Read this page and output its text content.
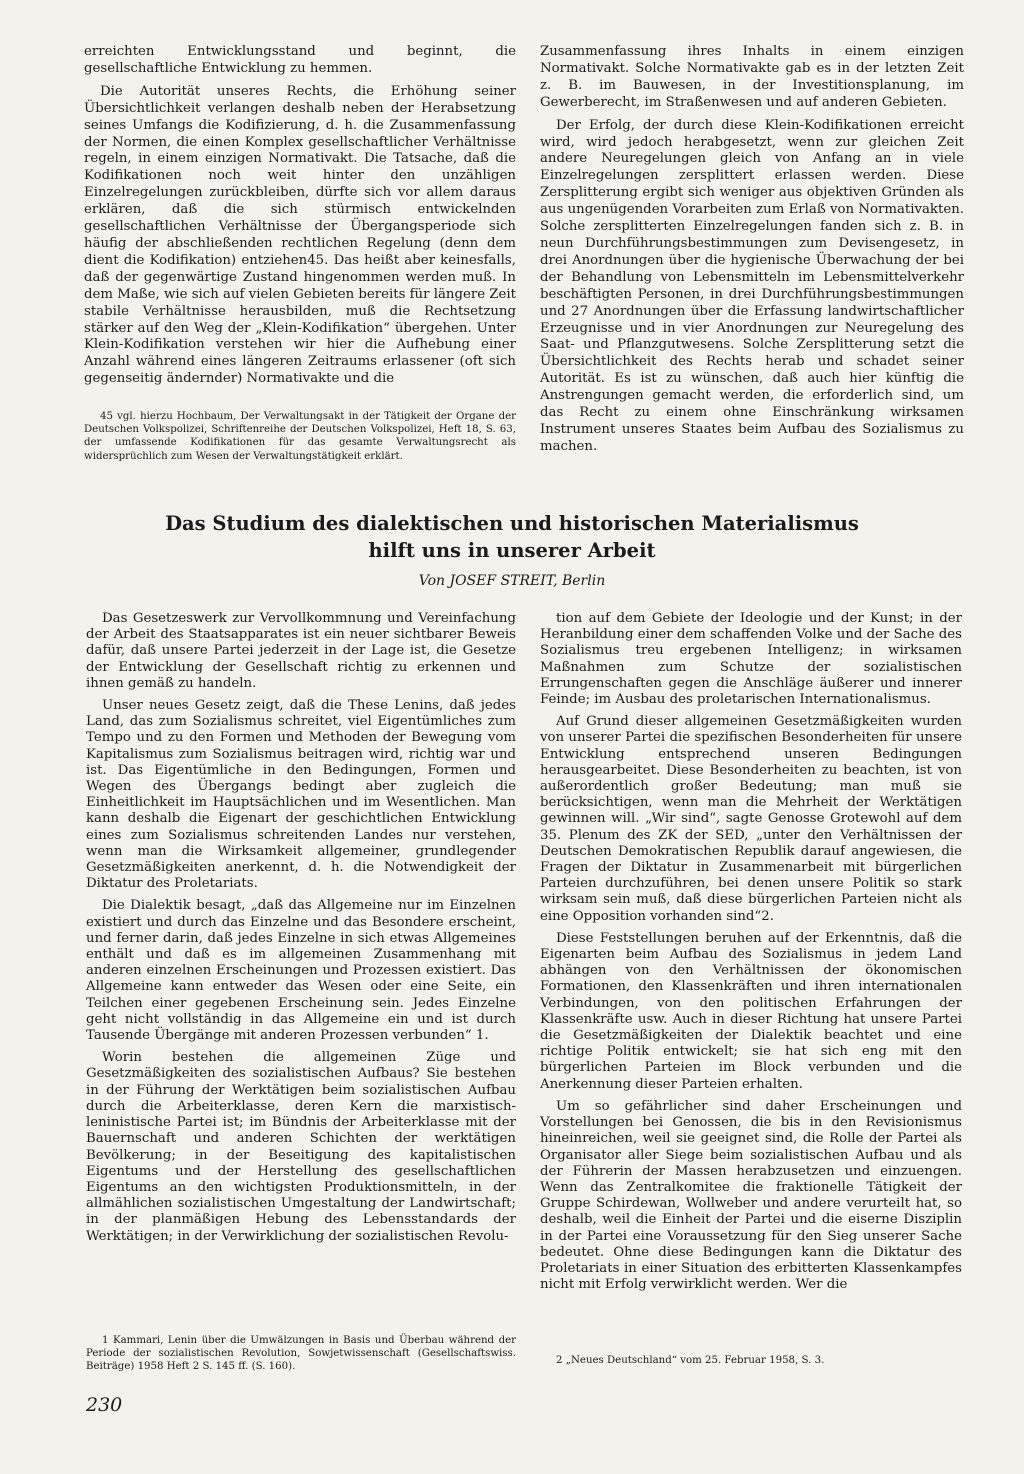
erreichten Entwicklungsstand und beginnt, die gesellschaftliche Entwicklung zu hemmen.

Die Autorität unseres Rechts, die Erhöhung seiner Übersichtlichkeit verlangen deshalb neben der Herabsetzung seines Umfangs die Kodifizierung, d. h. die Zusammenfassung der Normen, die einen Komplex gesellschaftlicher Verhältnisse regeln, in einem einzigen Normativakt. Die Tatsache, daß die Kodifikationen noch weit hinter den unzähligen Einzelregelungen zurückbleiben, dürfte sich vor allem daraus erklären, daß die sich stürmisch entwickelnden gesellschaftlichen Verhältnisse der Übergangsperiode sich häufig der abschließenden rechtlichen Regelung (denn dem dient die Kodifikation) entziehen45. Das heißt aber keinesfalls, daß der gegenwärtige Zustand hingenommen werden muß. In dem Maße, wie sich auf vielen Gebieten bereits für längere Zeit stabile Verhältnisse herausbilden, muß die Rechtsetzung stärker auf den Weg der „Klein-Kodifikation“ übergehen. Unter Klein-Kodifikation verstehen wir hier die Aufhebung einer Anzahl während eines längeren Zeitraums erlassener (oft sich gegenseitig ändernder) Normativakte und die

Zusammenfassung ihres Inhalts in einem einzigen Normativakt. Solche Normativakte gab es in der letzten Zeit z. B. im Bauwesen, in der Investitionsplanung, im Gewerberecht, im Straßenwesen und auf anderen Gebieten.

Der Erfolg, der durch diese Klein-Kodifikationen erreicht wird, wird jedoch herabgesetzt, wenn zur gleichen Zeit andere Neuregelungen gleich von Anfang an in viele Einzelregelungen zersplittert erlassen werden. Diese Zersplitterung ergibt sich weniger aus objektiven Gründen als aus ungenügenden Vorarbeiten zum Erlaß von Normativakten. Solche zersplitterten Einzelregelungen fanden sich z. B. in neun Durchführungsbestimmungen zum Devisengesetz, in drei Anordnungen über die hygienische Überwachung der bei der Behandlung von Lebensmitteln im Lebensmittelverkehr beschäftigten Personen, in drei Durchführungsbestimmungen und 27 Anordnungen über die Erfassung landwirtschaftlicher Erzeugnisse und in vier Anordnungen zur Neuregelung des Saat- und Pflanzgutwesens. Solche Zersplitterung setzt die Übersichtlichkeit des Rechts herab und schadet seiner Autorität. Es ist zu wünschen, daß auch hier künftig die Anstrengungen gemacht werden, die erforderlich sind, um das Recht zu einem ohne Einschränkung wirksamen Instrument unseres Staates beim Aufbau des Sozialismus zu machen.

45 vgl. hierzu Hochbaum, Der Verwaltungsakt in der Tätigkeit der Organe der Deutschen Volkspolizei, Schriftenreihe der Deutschen Volkspolizei, Heft 18, S. 63, der umfassende Kodifikationen für das gesamte Verwaltungsrecht als widersprüchlich zum Wesen der Verwaltungstätigkeit erklärt.

Das Studium des dialektischen und historischen Materialismus
hilft uns in unserer Arbeit
Von JOSEF STREIT, Berlin

Das Gesetzeswerk zur Vervollkommnung und Vereinfachung der Arbeit des Staatsapparates ist ein neuer sichtbarer Beweis dafür, daß unsere Partei jederzeit in der Lage ist, die Gesetze der Entwicklung der Gesellschaft richtig zu erkennen und ihnen gemäß zu handeln.

Unser neues Gesetz zeigt, daß die These Lenins, daß jedes Land, das zum Sozialismus schreitet, viel Eigentümliches zum Tempo und zu den Formen und Methoden der Bewegung vom Kapitalismus zum Sozialismus beitragen wird, richtig war und ist. Das Eigentümliche in den Bedingungen, Formen und Wegen des Übergangs bedingt aber zugleich die Einheitlichkeit im Hauptsächlichen und im Wesentlichen. Man kann deshalb die Eigenart der geschichtlichen Entwicklung eines zum Sozialismus schreitenden Landes nur verstehen, wenn man die Wirksamkeit allgemeiner, grundlegender Gesetzmäßigkeiten anerkennt, d. h. die Notwendigkeit der Diktatur des Proletariats.

Die Dialektik besagt, „daß das Allgemeine nur im Einzelnen existiert und durch das Einzelne und das Besondere erscheint, und ferner darin, daß jedes Einzelne in sich etwas Allgemeines enthält und daß es im allgemeinen Zusammenhang mit anderen einzelnen Erscheinungen und Prozessen existiert. Das Allgemeine kann entweder das Wesen oder eine Seite, ein Teilchen einer gegebenen Erscheinung sein. Jedes Einzelne geht nicht vollständig in das Allgemeine ein und ist durch Tausende Übergänge mit anderen Prozessen verbunden“ 1.

Worin bestehen die allgemeinen Züge und Gesetzmäßigkeiten des sozialistischen Aufbaus? Sie bestehen in der Führung der Werktätigen beim sozialistischen Aufbau durch die Arbeiterklasse, deren Kern die marxistisch-leninistische Partei ist; im Bündnis der Arbeiterklasse mit der Bauernschaft und anderen Schichten der werktätigen Bevölkerung; in der Beseitigung des kapitalistischen Eigentums und der Herstellung des gesellschaftlichen Eigentums an den wichtigsten Produktionsmitteln, in der allmählichen sozialistischen Umgestaltung der Landwirtschaft; in der planmäßigen Hebung des Lebensstandards der Werktätigen; in der Verwirklichung der sozialistischen Revolu-

tion auf dem Gebiete der Ideologie und der Kunst; in der Heranbildung einer dem schaffenden Volke und der Sache des Sozialismus treu ergebenen Intelligenz; in wirksamen Maßnahmen zum Schutze der sozialistischen Errungenschaften gegen die Anschläge äußerer und innerer Feinde; im Ausbau des proletarischen Internationalismus.

Auf Grund dieser allgemeinen Gesetzmäßigkeiten wurden von unserer Partei die spezifischen Besonderheiten für unsere Entwicklung entsprechend unseren Bedingungen herausgearbeitet. Diese Besonderheiten zu beachten, ist von außerordentlich großer Bedeutung; man muß sie berücksichtigen, wenn man die Mehrheit der Werktätigen gewinnen will. „Wir sind“, sagte Genosse Grotewohl auf dem 35. Plenum des ZK der SED, „unter den Verhältnissen der Deutschen Demokratischen Republik darauf angewiesen, die Fragen der Diktatur in Zusammenarbeit mit bürgerlichen Parteien durchzuführen, bei denen unsere Politik so stark wirksam sein muß, daß diese bürgerlichen Parteien nicht als eine Opposition vorhanden sind“2.

Diese Feststellungen beruhen auf der Erkenntnis, daß die Eigenarten beim Aufbau des Sozialismus in jedem Land abhängen von den Verhältnissen der ökonomischen Formationen, den Klassenkräften und ihren internationalen Verbindungen, von den politischen Erfahrungen der Klassenkräfte usw. Auch in dieser Richtung hat unsere Partei die Gesetzmäßigkeiten der Dialektik beachtet und eine richtige Politik entwickelt; sie hat sich eng mit den bürgerlichen Parteien im Block verbunden und die Anerkennung dieser Parteien erhalten.

Um so gefährlicher sind daher Erscheinungen und Vorstellungen bei Genossen, die bis in den Revisionismus hineinreichen, weil sie geeignet sind, die Rolle der Partei als Organisator aller Siege beim sozialistischen Aufbau und als der Führerin der Massen herabzusetzen und einzuengen. Wenn das Zentralkomitee die fraktionelle Tätigkeit der Gruppe Schirdewan, Wollweber und andere verurteilt hat, so deshalb, weil die Einheit der Partei und die eiserne Disziplin in der Partei eine Voraussetzung für den Sieg unserer Sache bedeutet. Ohne diese Bedingungen kann die Diktatur des Proletariats in einer Situation des erbitterten Klassenkampfes nicht mit Erfolg verwirklicht werden. Wer die

1 Kammari, Lenin über die Umwälzungen in Basis und Überbau während der Periode der sozialistischen Revolution, Sowjetwissenschaft (Gesellschaftswiss. Beiträge) 1958 Heft 2 S. 145 ff. (S. 160).

2 „Neues Deutschland“ vom 25. Februar 1958, S. 3.

230
